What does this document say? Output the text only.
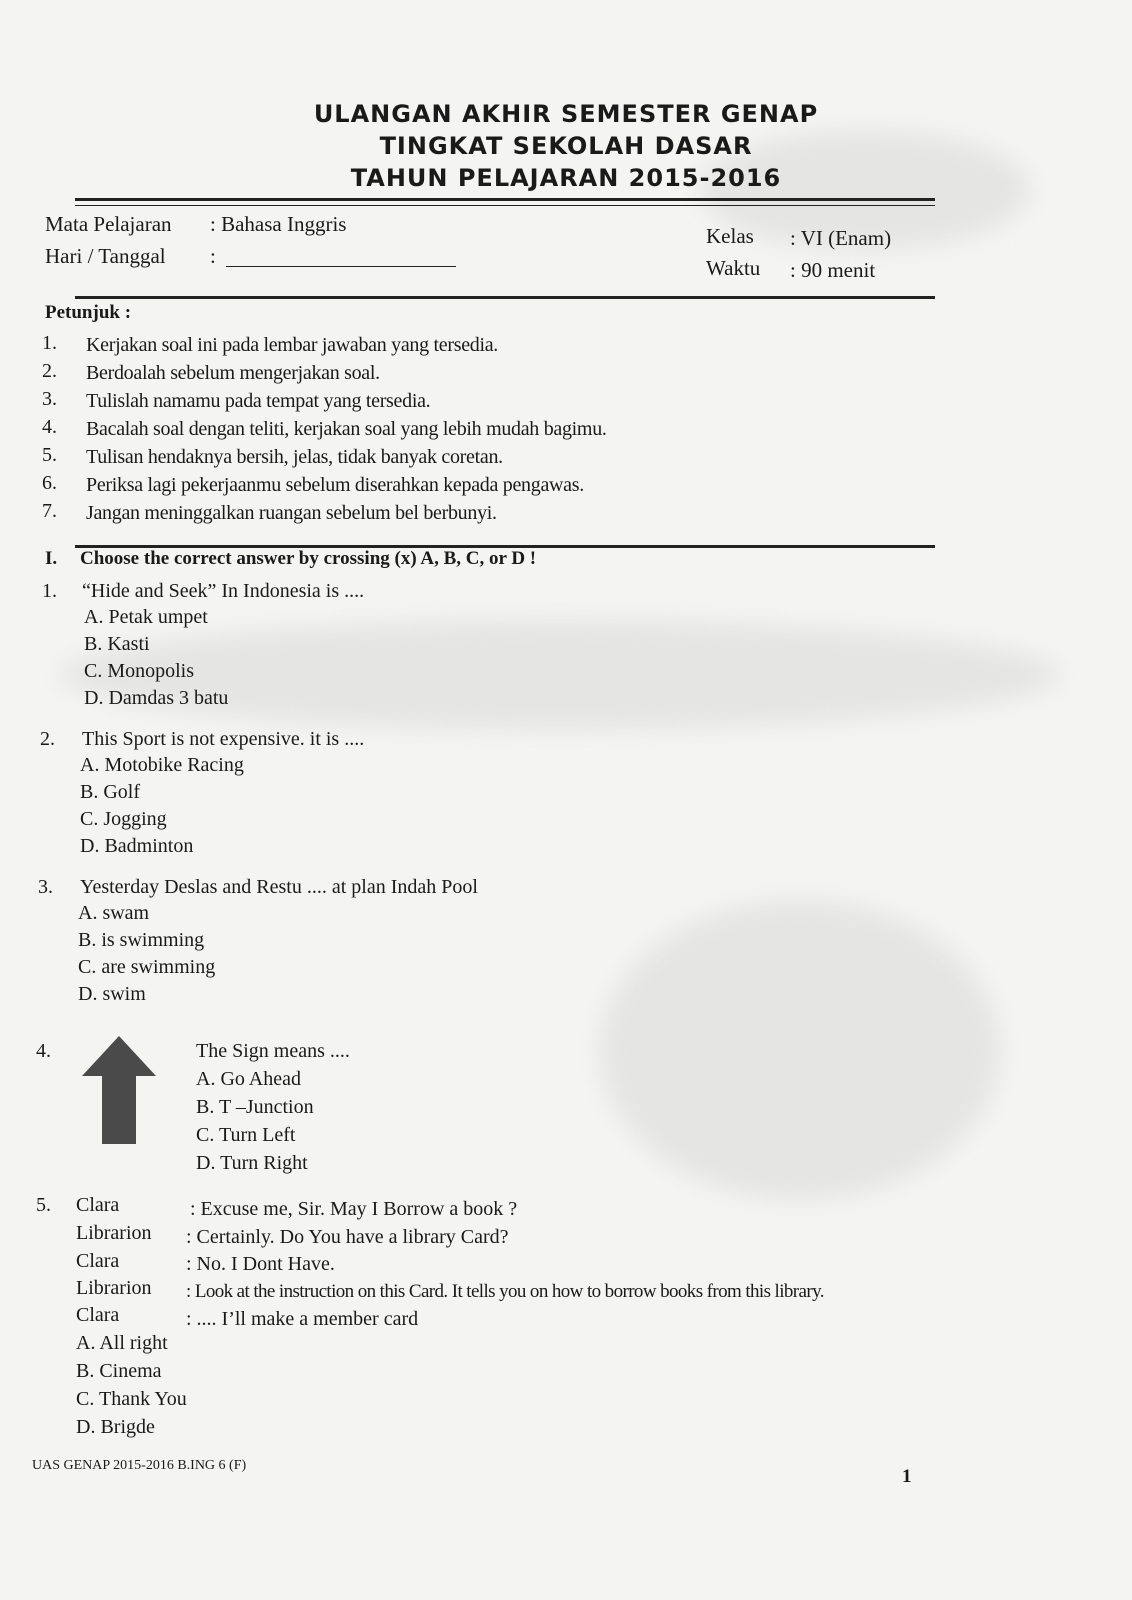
ULANGAN AKHIR SEMESTER GENAP
TINGKAT SEKOLAH DASAR
TAHUN PELAJARAN 2015-2016
Mata Pelajaran : Bahasa Inggris
Hari / Tanggal :
Kelas : VI (Enam)
Waktu : 90 menit
Petunjuk :
1. Kerjakan soal ini pada lembar jawaban yang tersedia.
2. Berdoalah sebelum mengerjakan soal.
3. Tulislah namamu pada tempat yang tersedia.
4. Bacalah soal dengan teliti, kerjakan soal yang lebih mudah bagimu.
5. Tulisan hendaknya bersih, jelas, tidak banyak coretan.
6. Periksa lagi pekerjaanmu sebelum diserahkan kepada pengawas.
7. Jangan meninggalkan ruangan sebelum bel berbunyi.
I. Choose the correct answer by crossing (x) A, B, C, or D !
1. “Hide and Seek” In Indonesia is ....
A. Petak umpet
B. Kasti
C. Monopolis
D. Damdas 3 batu
2. This Sport is not expensive. it is ....
A. Motobike Racing
B. Golf
C. Jogging
D. Badminton
3. Yesterday Deslas and Restu .... at plan Indah Pool
A. swam
B. is swimming
C. are swimming
D. swim
4.	The Sign means ....
A. Go Ahead
B. T –Junction
C. Turn Left
D. Turn Right
5. Clara	: Excuse me, Sir. May I Borrow a book ?
Librarion : Certainly. Do You have a library Card?
Clara	: No. I Dont Have.
Librarion : Look at the instruction on this Card. It tells you on how to borrow books from this library.
Clara	: .... I’ll make a member card
A. All right
B. Cinema
C. Thank You
D. Brigde
UAS GENAP 2015-2016 B.ING 6 (F)
1
